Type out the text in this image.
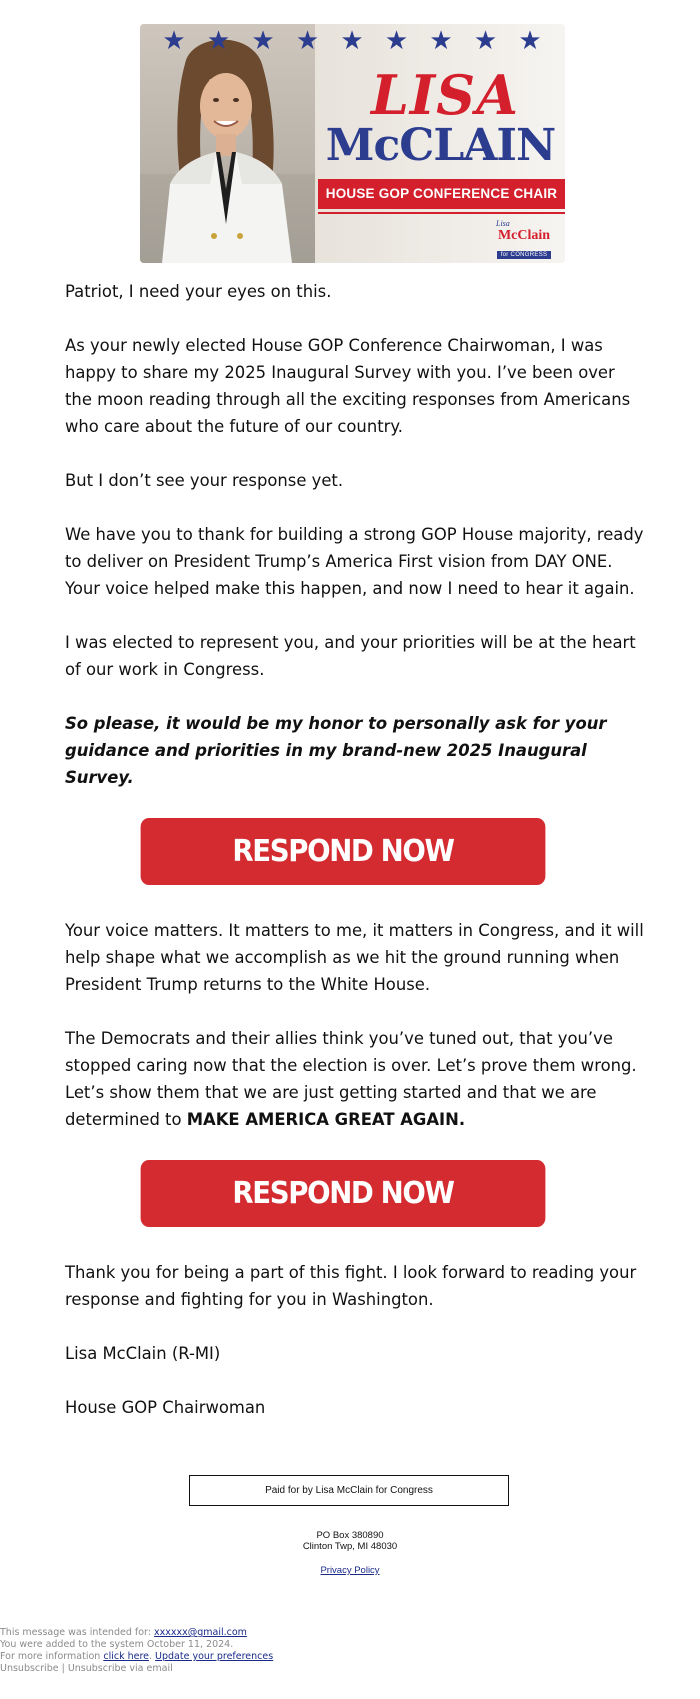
★ ★ ★ ★ ★ ★ ★ ★ ★
LISA
McCLAIN
HOUSE GOP CONFERENCE CHAIR
Lisa
McClain
for CONGRESS

Patriot, I need your eyes on this.

As your newly elected House GOP Conference Chairwoman, I was happy to share my 2025 Inaugural Survey with you. I’ve been over the moon reading through all the exciting responses from Americans who care about the future of our country.

But I don’t see your response yet.

We have you to thank for building a strong GOP House majority, ready to deliver on President Trump’s America First vision from DAY ONE. Your voice helped make this happen, and now I need to hear it again.

I was elected to represent you, and your priorities will be at the heart of our work in Congress.

So please, it would be my honor to personally ask for your guidance and priorities in my brand-new 2025 Inaugural Survey.

RESPOND NOW

Your voice matters. It matters to me, it matters in Congress, and it will help shape what we accomplish as we hit the ground running when President Trump returns to the White House.

The Democrats and their allies think you’ve tuned out, that you’ve stopped caring now that the election is over. Let’s prove them wrong. Let’s show them that we are just getting started and that we are determined to MAKE AMERICA GREAT AGAIN.

RESPOND NOW

Thank you for being a part of this fight. I look forward to reading your response and fighting for you in Washington.

Lisa McClain (R-MI)

House GOP Chairwoman

Paid for by Lisa McClain for Congress
PO Box 380890
Clinton Twp, MI 48030
Privacy Policy
This message was intended for: xxxxxx@gmail.com
You were added to the system October 11, 2024.
For more information click here. Update your preferences
Unsubscribe | Unsubscribe via email
